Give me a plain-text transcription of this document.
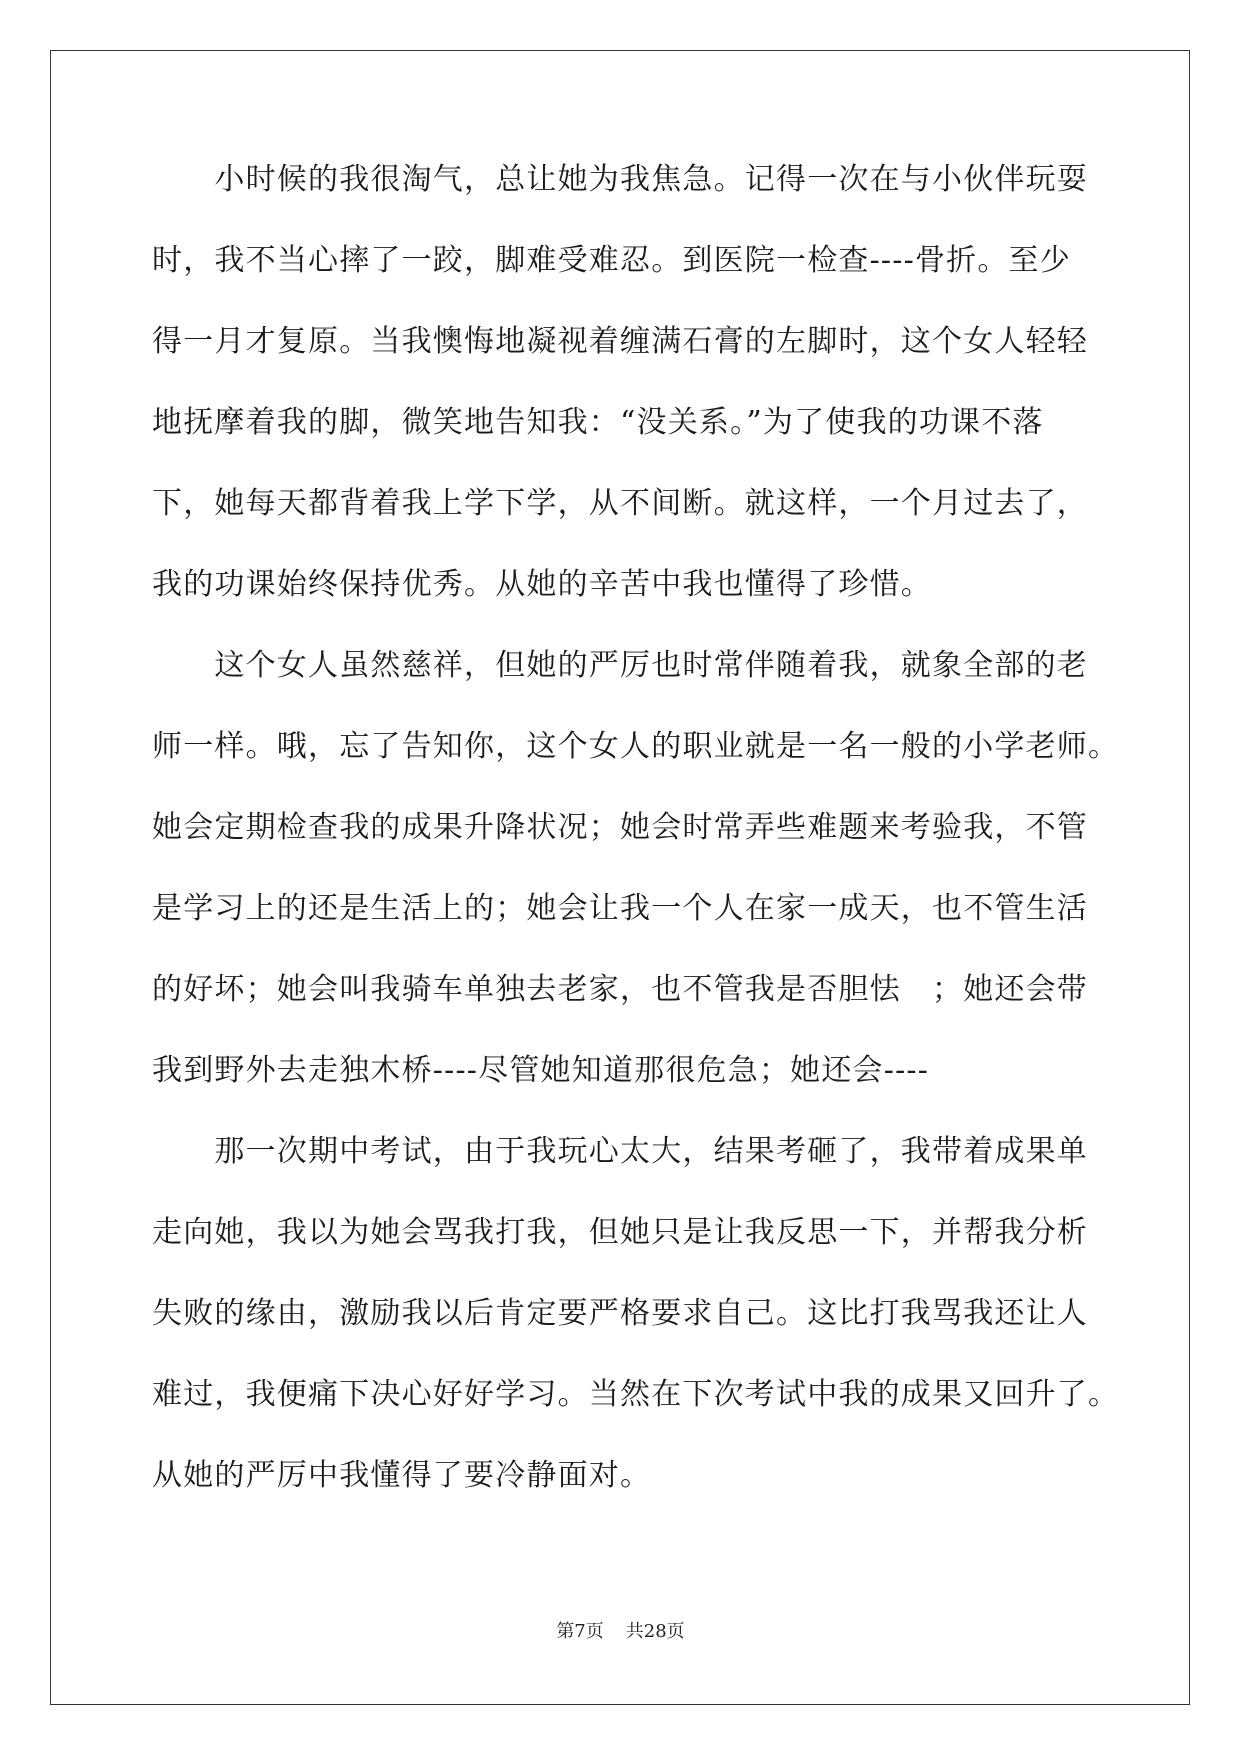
　　小时候的我很淘气，总让她为我焦急。记得一次在与小伙伴玩耍
时，我不当心摔了一跤，脚难受难忍。到医院一检查----骨折。至少
得一月才复原。当我懊悔地凝视着缠满石膏的左脚时，这个女人轻轻
地抚摩着我的脚，微笑地告知我：“没关系。”为了使我的功课不落
下，她每天都背着我上学下学，从不间断。就这样，一个月过去了，
我的功课始终保持优秀。从她的辛苦中我也懂得了珍惜。
　　这个女人虽然慈祥，但她的严厉也时常伴随着我，就象全部的老
师一样。哦，忘了告知你，这个女人的职业就是一名一般的小学老师。
她会定期检查我的成果升降状况；她会时常弄些难题来考验我，不管
是学习上的还是生活上的；她会让我一个人在家一成天，也不管生活
的好坏；她会叫我骑车单独去老家，也不管我是否胆怯　；她还会带
我到野外去走独木桥----尽管她知道那很危急；她还会----
　　那一次期中考试，由于我玩心太大，结果考砸了，我带着成果单
走向她，我以为她会骂我打我，但她只是让我反思一下，并帮我分析
失败的缘由，激励我以后肯定要严格要求自己。这比打我骂我还让人
难过，我便痛下决心好好学习。当然在下次考试中我的成果又回升了。
从她的严厉中我懂得了要冷静面对。
第7页 共28页
